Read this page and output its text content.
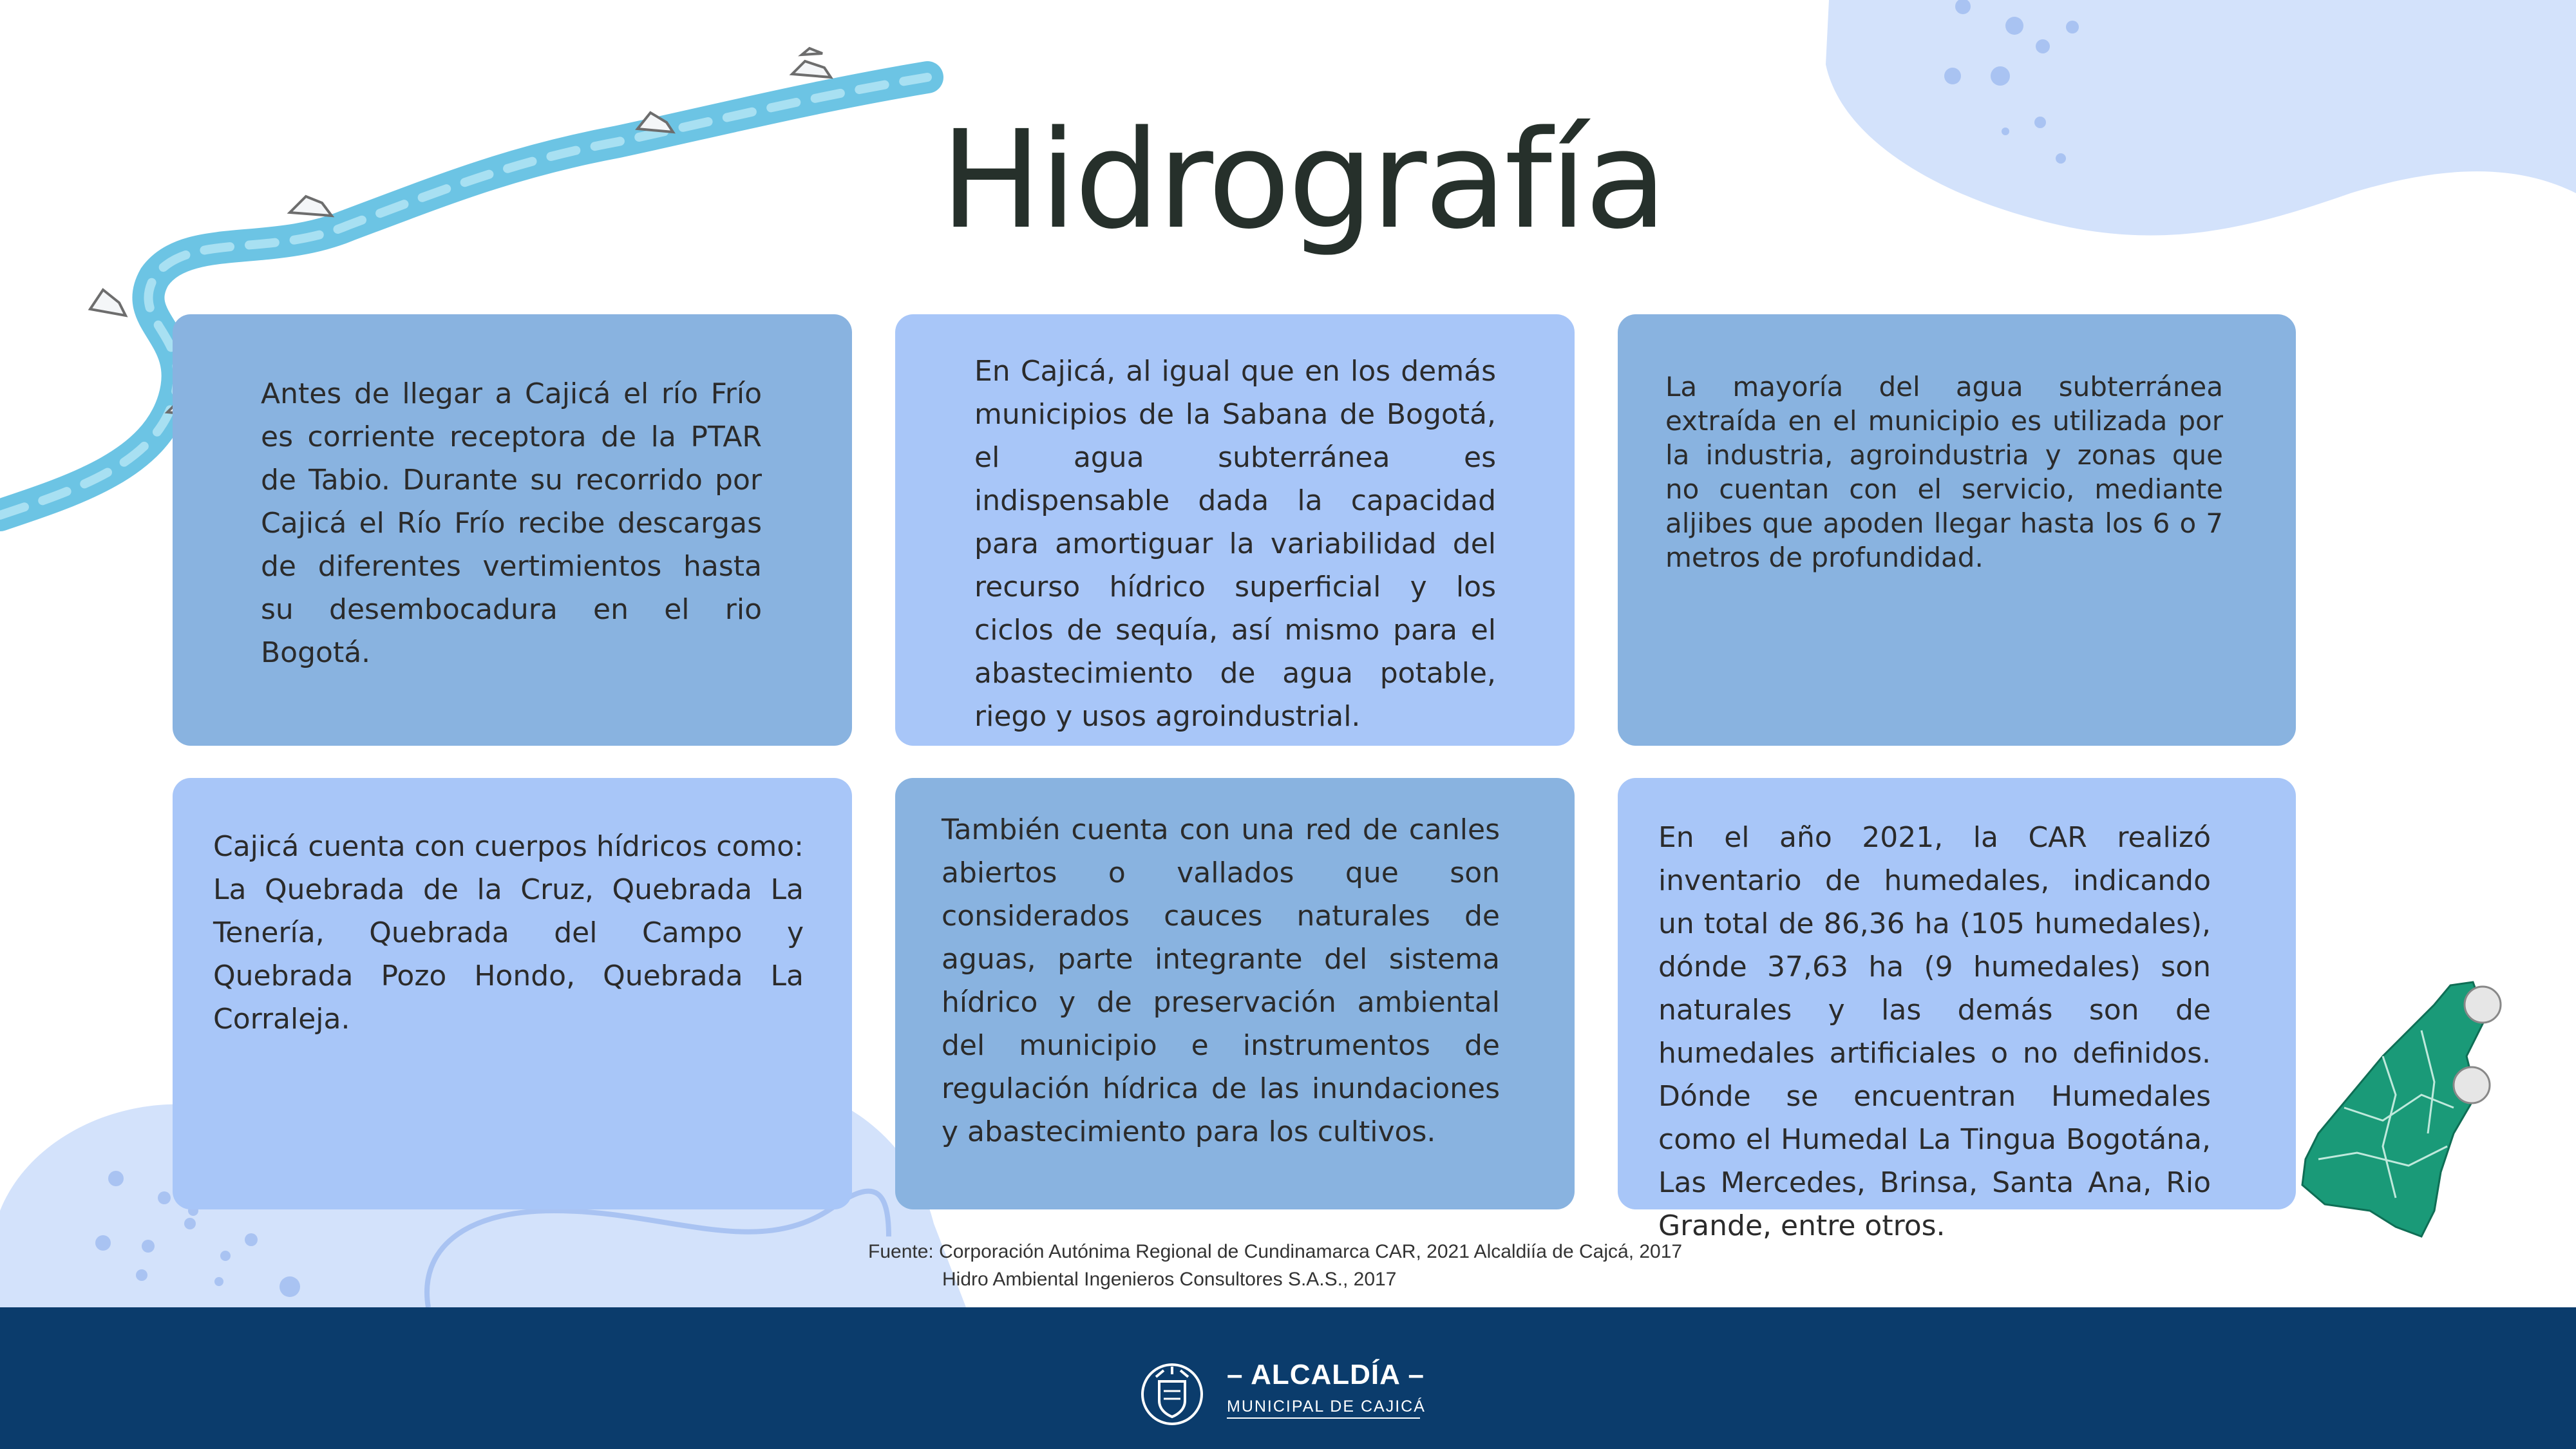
Hidrografía

Antes de llegar a Cajicá el río Frío es corriente receptora de la PTAR de Tabio. Durante su recorrido por Cajicá el Río Frío recibe descargas de diferentes vertimientos hasta su desembocadura en el rio Bogotá.

En Cajicá, al igual que en los demás municipios de la Sabana de Bogotá, el agua subterránea es indispensable dada la capacidad para amortiguar la variabilidad del recurso hídrico superficial y los ciclos de sequía, así mismo para el abastecimiento de agua potable, riego y usos agroindustrial.

La mayoría del agua subterránea extraída en el municipio es utilizada por la industria, agroindustria y zonas que no cuentan con el servicio, mediante aljibes que apoden llegar hasta los 6 o 7 metros de profundidad.

Cajicá cuenta con cuerpos hídricos como: La Quebrada de la Cruz, Quebrada La Tenería, Quebrada del Campo y Quebrada Pozo Hondo, Quebrada La Corraleja.

También cuenta con una red de canles abiertos o vallados que son considerados cauces naturales de aguas, parte integrante del sistema hídrico y de preservación ambiental del municipio e instrumentos de regulación hídrica de las inundaciones y abastecimiento para los cultivos.

En el año 2021, la CAR realizó inventario de humedales, indicando un total de 86,36 ha (105 humedales), dónde 37,63 ha (9 humedales) son naturales y las demás son de humedales artificiales o no definidos. Dónde se encuentran Humedales como el Humedal La Tingua Bogotána, Las Mercedes, Brinsa, Santa Ana, Rio Grande, entre otros.

Fuente: Corporación Autónima Regional de Cundinamarca CAR, 2021 Alcaldiía de Cajcá, 2017
Hidro Ambiental Ingenieros Consultores S.A.S., 2017
– ALCALDÍA –
MUNICIPAL DE CAJICÁ
